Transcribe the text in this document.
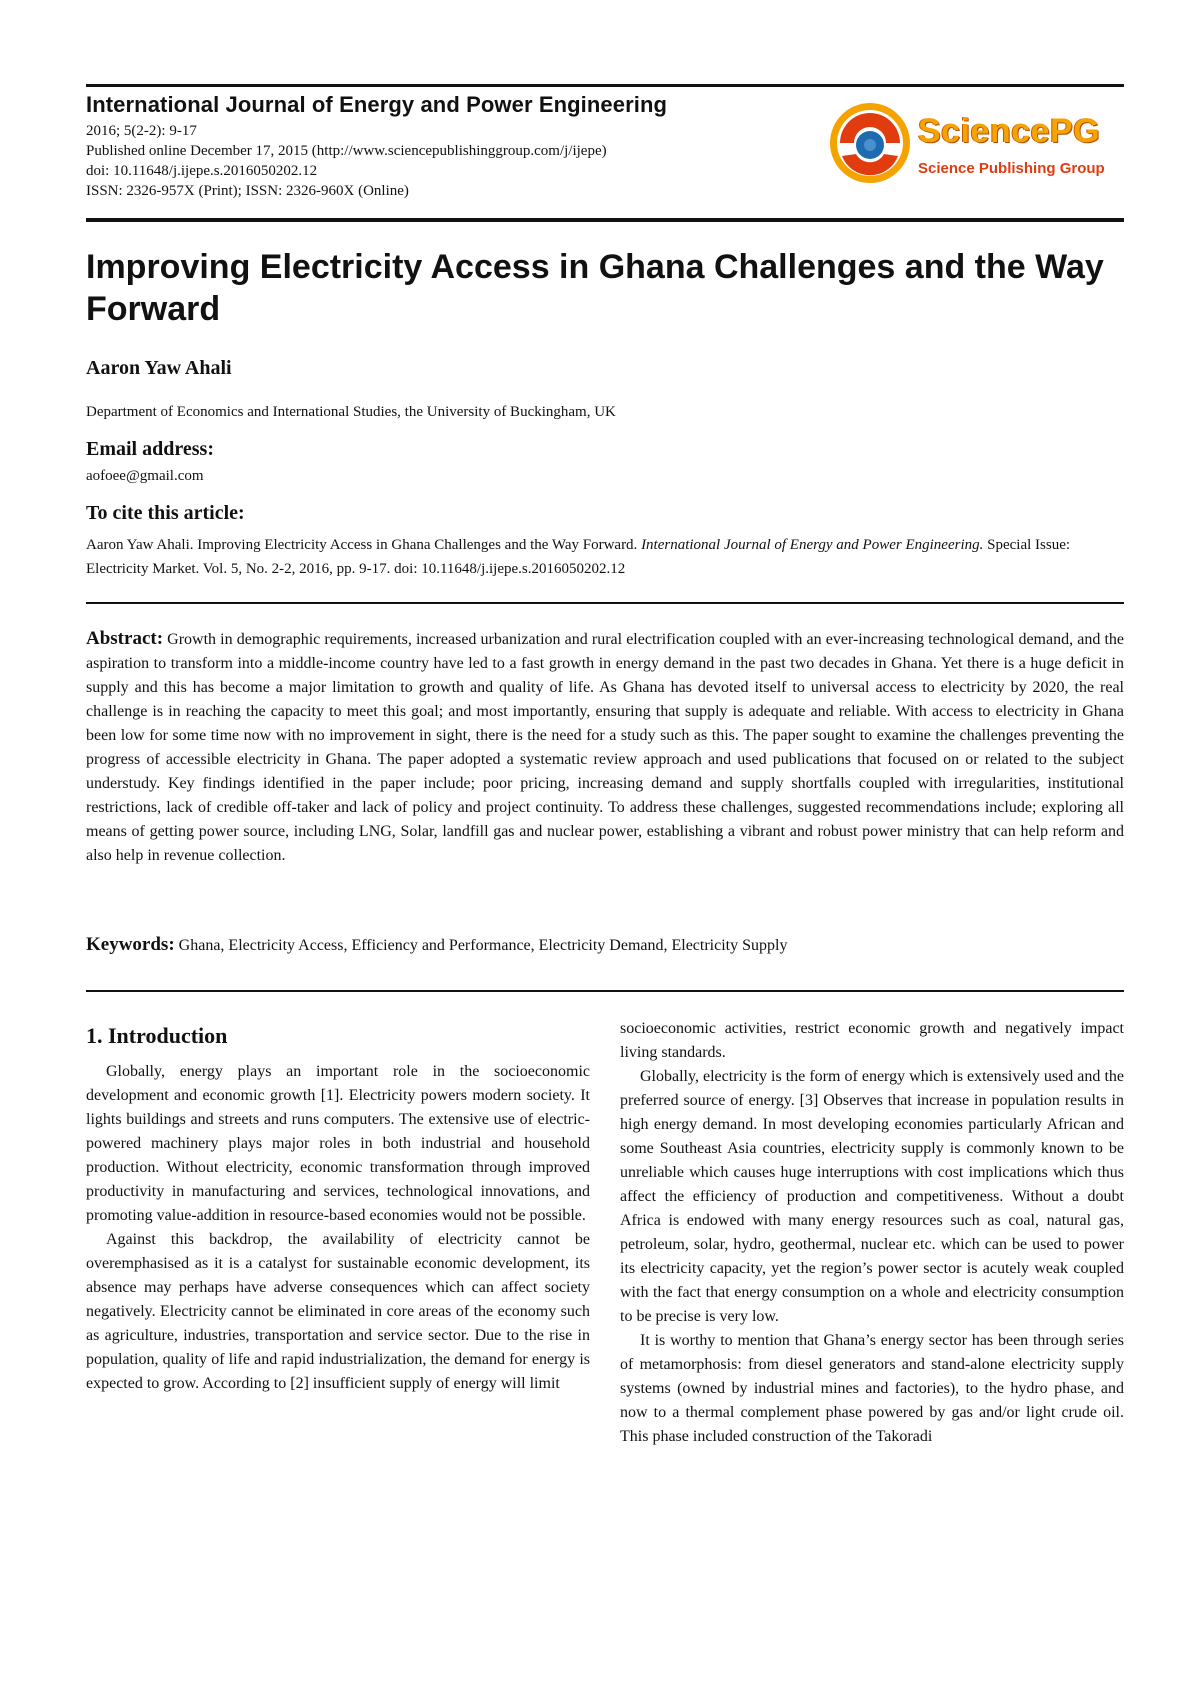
International Journal of Energy and Power Engineering
2016; 5(2-2): 9-17
Published online December 17, 2015 (http://www.sciencepublishinggroup.com/j/ijepe)
doi: 10.11648/j.ijepe.s.2016050202.12
ISSN: 2326-957X (Print); ISSN: 2326-960X (Online)
SciencePG
Science Publishing Group
Improving Electricity Access in Ghana Challenges and the Way Forward
Aaron Yaw Ahali
Department of Economics and International Studies, the University of Buckingham, UK
Email address:
aofoee@gmail.com
To cite this article:
Aaron Yaw Ahali. Improving Electricity Access in Ghana Challenges and the Way Forward. International Journal of Energy and Power Engineering. Special Issue: Electricity Market. Vol. 5, No. 2-2, 2016, pp. 9-17. doi: 10.11648/j.ijepe.s.2016050202.12
Abstract: Growth in demographic requirements, increased urbanization and rural electrification coupled with an ever-increasing technological demand, and the aspiration to transform into a middle-income country have led to a fast growth in energy demand in the past two decades in Ghana. Yet there is a huge deficit in supply and this has become a major limitation to growth and quality of life. As Ghana has devoted itself to universal access to electricity by 2020, the real challenge is in reaching the capacity to meet this goal; and most importantly, ensuring that supply is adequate and reliable. With access to electricity in Ghana been low for some time now with no improvement in sight, there is the need for a study such as this. The paper sought to examine the challenges preventing the progress of accessible electricity in Ghana. The paper adopted a systematic review approach and used publications that focused on or related to the subject understudy. Key findings identified in the paper include; poor pricing, increasing demand and supply shortfalls coupled with irregularities, institutional restrictions, lack of credible off-taker and lack of policy and project continuity. To address these challenges, suggested recommendations include; exploring all means of getting power source, including LNG, Solar, landfill gas and nuclear power, establishing a vibrant and robust power ministry that can help reform and also help in revenue collection.
Keywords: Ghana, Electricity Access, Efficiency and Performance, Electricity Demand, Electricity Supply
1. Introduction

Globally, energy plays an important role in the socioeconomic development and economic growth [1]. Electricity powers modern society. It lights buildings and streets and runs computers. The extensive use of electric-powered machinery plays major roles in both industrial and household production. Without electricity, economic transformation through improved productivity in manufacturing and services, technological innovations, and promoting value-addition in resource-based economies would not be possible.

Against this backdrop, the availability of electricity cannot be overemphasised as it is a catalyst for sustainable economic development, its absence may perhaps have adverse consequences which can affect society negatively. Electricity cannot be eliminated in core areas of the economy such as agriculture, industries, transportation and service sector. Due to the rise in population, quality of life and rapid industrialization, the demand for energy is expected to grow. According to [2] insufficient supply of energy will limit

socioeconomic activities, restrict economic growth and negatively impact living standards.

Globally, electricity is the form of energy which is extensively used and the preferred source of energy. [3] Observes that increase in population results in high energy demand. In most developing economies particularly African and some Southeast Asia countries, electricity supply is commonly known to be unreliable which causes huge interruptions with cost implications which thus affect the efficiency of production and competitiveness. Without a doubt Africa is endowed with many energy resources such as coal, natural gas, petroleum, solar, hydro, geothermal, nuclear etc. which can be used to power its electricity capacity, yet the region’s power sector is acutely weak coupled with the fact that energy consumption on a whole and electricity consumption to be precise is very low.

It is worthy to mention that Ghana’s energy sector has been through series of metamorphosis: from diesel generators and stand-alone electricity supply systems (owned by industrial mines and factories), to the hydro phase, and now to a thermal complement phase powered by gas and/or light crude oil. This phase included construction of the Takoradi
